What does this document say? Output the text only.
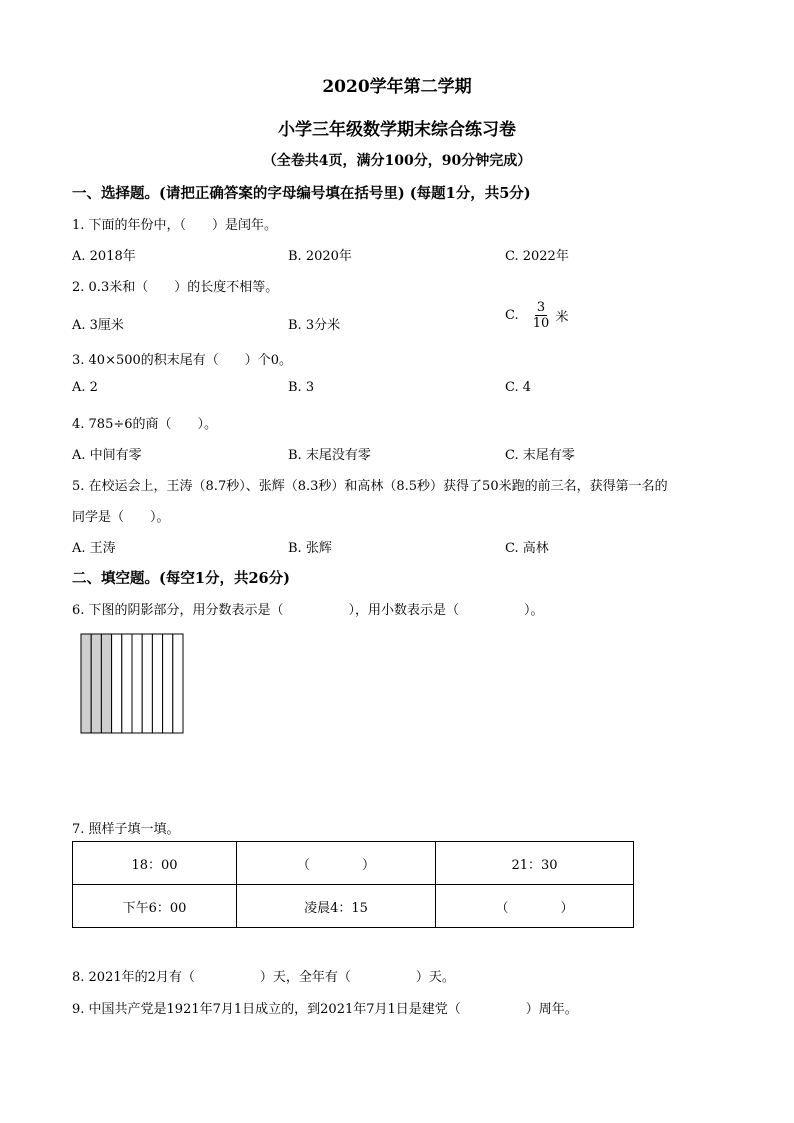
2020学年第二学期
小学三年级数学期末综合练习卷
（全卷共4页，满分100分，90分钟完成）
一、选择题。(请把正确答案的字母编号填在括号里) (每题1分，共5分)
1. 下面的年份中，（　　）是闰年。
A. 2018年	B. 2020年	C. 2022年
2. 0.3米和（　　）的长度不相等。
A. 3厘米	B. 3分米
C. $\frac{3}{10}$ 米
3. 40×500的积末尾有（　　）个0。
A. 2	B. 3	C. 4
4. 785÷6的商（　　）。
A. 中间有零	B. 末尾没有零	C. 末尾有零
5. 在校运会上，王涛（8.7秒）、张辉（8.3秒）和高林（8.5秒）获得了50米跑的前三名，获得第一名的
同学是（　　）。
A. 王涛	B. 张辉	C. 高林
二、填空题。(每空1分，共26分)
6. 下图的阴影部分，用分数表示是（　　　　　），用小数表示是（　　　　　）。
7. 照样子填一填。
18：00	（　　　　）	21：30
下午6：00	凌晨4：15	（　　　　）
8. 2021年的2月有（　　　　　）天，全年有（　　　　　）天。
9. 中国共产党是1921年7月1日成立的，到2021年7月1日是建党（　　　　　）周年。
